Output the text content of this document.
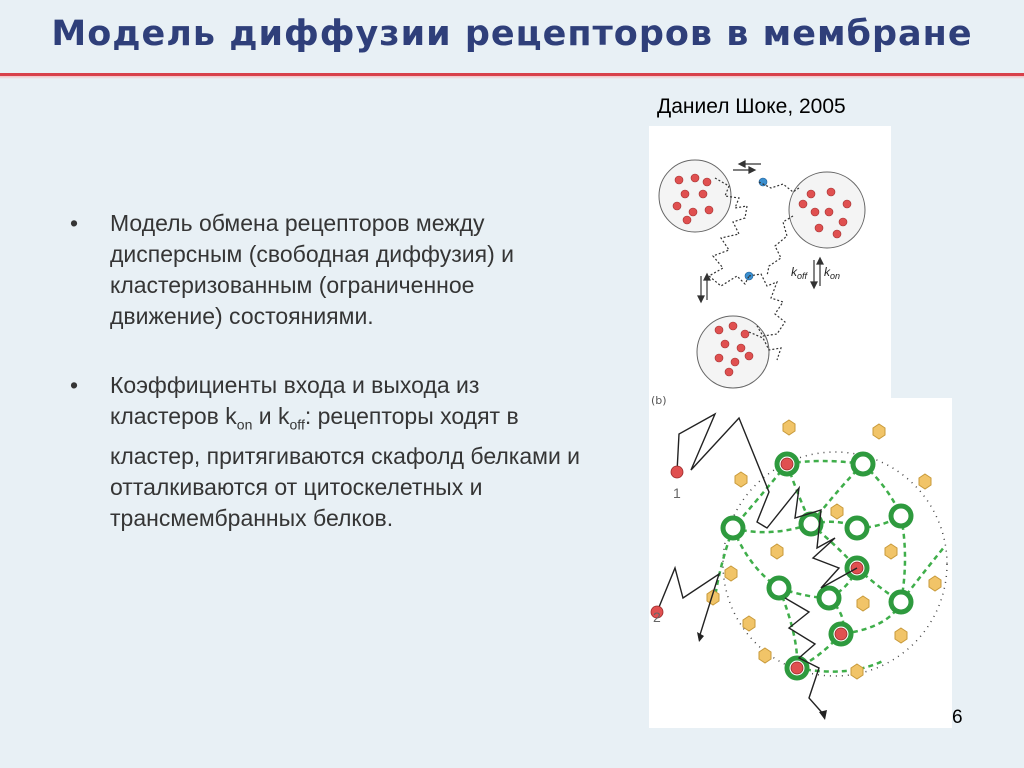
Модель диффузии рецепторов в мембране
Даниел Шоке, 2005
• Модель обмена рецепторов между дисперсным (свободная диффузия) и кластеризованным (ограниченное движение) состояниями.
• Коэффициенты входа и выхода из кластеров $k_{on}$ и $k_{off}$: рецепторы ходят в кластер, притягиваются скафолд белками и отталкиваются от цитоскелетных и трансмембранных белков.
$k_{off}$ $k_{on}$
1
2
(b)
6
